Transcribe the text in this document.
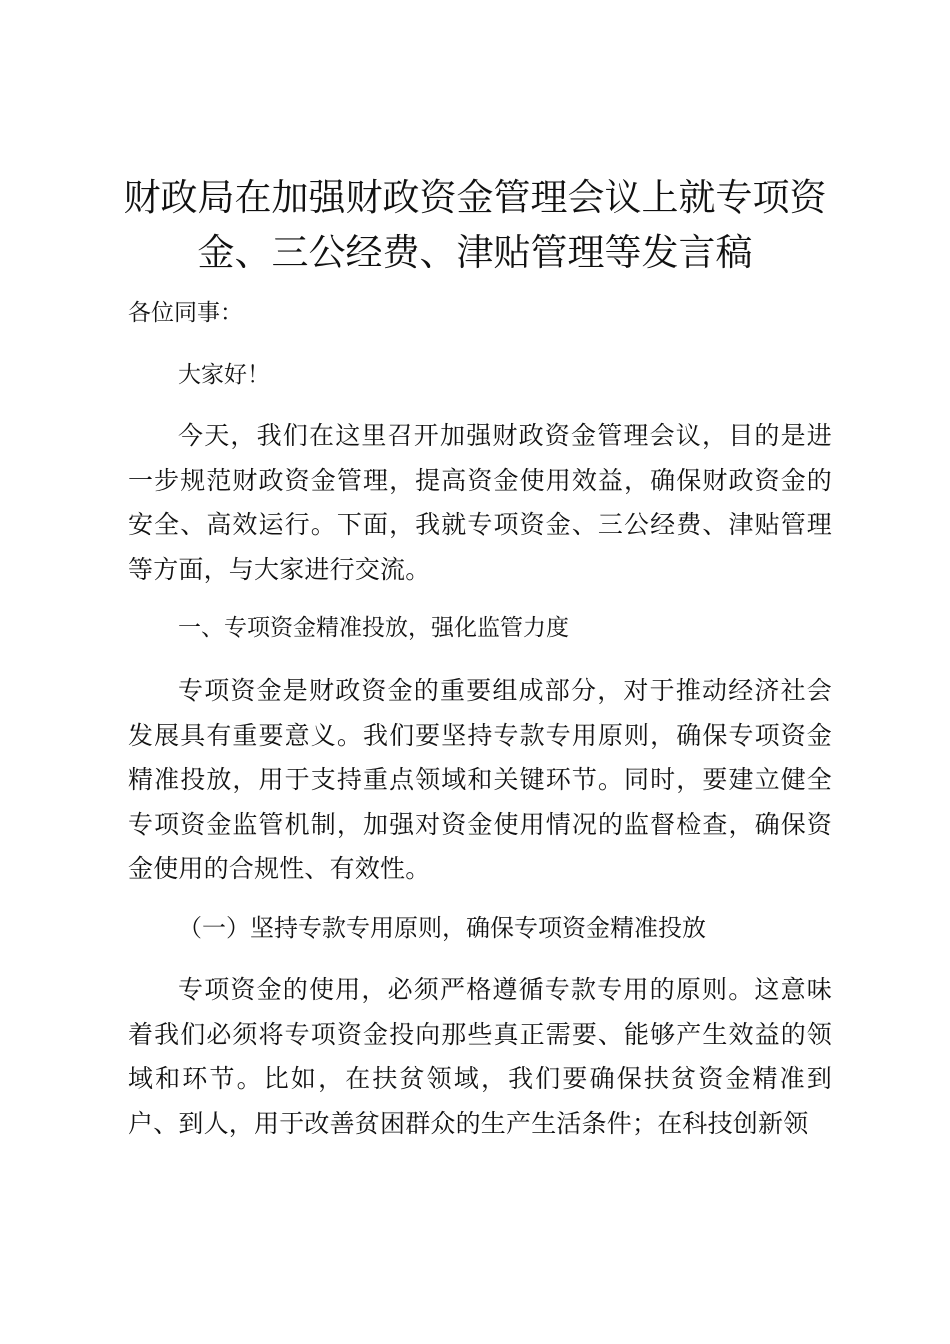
财政局在加强财政资金管理会议上就专项资
金、三公经费、津贴管理等发言稿

各位同事：

大家好！

今天，我们在这里召开加强财政资金管理会议，目的是进一步规范财政资金管理，提高资金使用效益，确保财政资金的安全、高效运行。下面，我就专项资金、三公经费、津贴管理等方面，与大家进行交流。

一、专项资金精准投放，强化监管力度

专项资金是财政资金的重要组成部分，对于推动经济社会发展具有重要意义。我们要坚持专款专用原则，确保专项资金精准投放，用于支持重点领域和关键环节。同时，要建立健全专项资金监管机制，加强对资金使用情况的监督检查，确保资金使用的合规性、有效性。

（一）坚持专款专用原则，确保专项资金精准投放

专项资金的使用，必须严格遵循专款专用的原则。这意味着我们必须将专项资金投向那些真正需要、能够产生效益的领域和环节。比如，在扶贫领域，我们要确保扶贫资金精准到户、到人，用于改善贫困群众的生产生活条件；在科技创新领
